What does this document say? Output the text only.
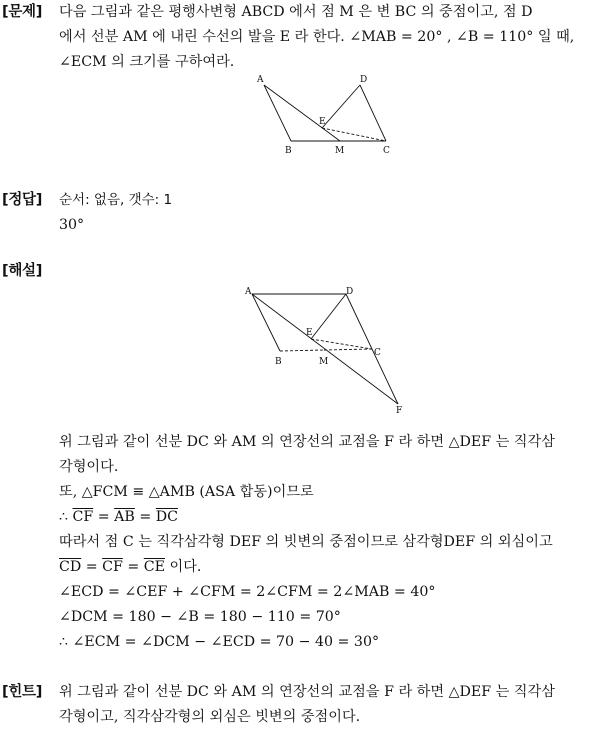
[문제] 다음 그림과 같은 평행사변형 ABCD 에서 점 M 은 변 BC 의 중점이고, 점 D
에서 선분 AM 에 내린 수선의 발을 E 라 한다. ∠MAB = 20° , ∠B = 110° 일 때,
∠ECM 의 크기를 구하여라.
A	D
E
B	M	C
[정답] 순서: 없음, 갯수: 1
30°
[해설]
A	D
E
C
B	M
F
위 그림과 같이 선분 DC 와 AM 의 연장선의 교점을 F 라 하면 △DEF 는 직각삼
각형이다.
또, △FCM ≡ △AMB (ASA 합동)이므로
∴ $\overline{CF} = \overline{AB} = \overline{DC}$
따라서 점 C 는 직각삼각형 DEF 의 빗변의 중점이므로 삼각형DEF 의 외심이고
$\overline{CD} = \overline{CF} = \overline{CE}$ 이다.
∠ECD = ∠CEF + ∠CFM = 2∠CFM = 2∠MAB = 40°
∠DCM = 180 − ∠B = 180 − 110 = 70°
∴ ∠ECM = ∠DCM − ∠ECD = 70 − 40 = 30°
[힌트] 위 그림과 같이 선분 DC 와 AM 의 연장선의 교점을 F 라 하면 △DEF 는 직각삼
각형이고, 직각삼각형의 외심은 빗변의 중점이다.
